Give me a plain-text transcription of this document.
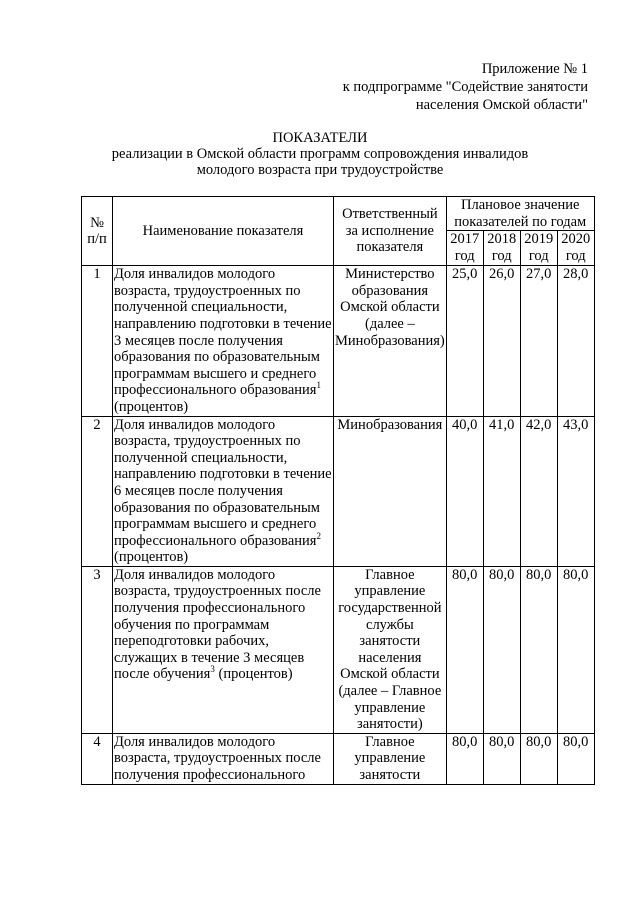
Приложение № 1
к подпрограмме "Содействие занятости
населения Омской области"
ПОКАЗАТЕЛИ
реализации в Омской области программ сопровождения инвалидов
молодого возраста при трудоустройстве
№ п/п	Наименование показателя	Ответственный за исполнение показателя	Плановое значение показателей по годам			
			2017 год	2018 год	2019 год	2020 год
1	Доля инвалидов молодого возраста, трудоустроенных по полученной специальности, направлению подготовки в течение 3 месяцев после получения образования по образовательным программам высшего и среднего профессионального образования$^1$ (процентов)	Министерство образования Омской области (далее – Минобразования)	25,0	26,0	27,0	28,0
2	Доля инвалидов молодого возраста, трудоустроенных по полученной специальности, направлению подготовки в течение 6 месяцев после получения образования по образовательным программам высшего и среднего профессионального образования$^2$ (процентов)	Минобразования	40,0	41,0	42,0	43,0
3	Доля инвалидов молодого возраста, трудоустроенных после получения профессионального обучения по программам переподготовки рабочих, служащих в течение 3 месяцев после обучения$^3$ (процентов)	Главное управление государственной службы занятости населения Омской области (далее – Главное управление занятости)	80,0	80,0	80,0	80,0
4	Доля инвалидов молодого возраста, трудоустроенных после получения профессионального	Главное управление занятости	80,0	80,0	80,0	80,0
